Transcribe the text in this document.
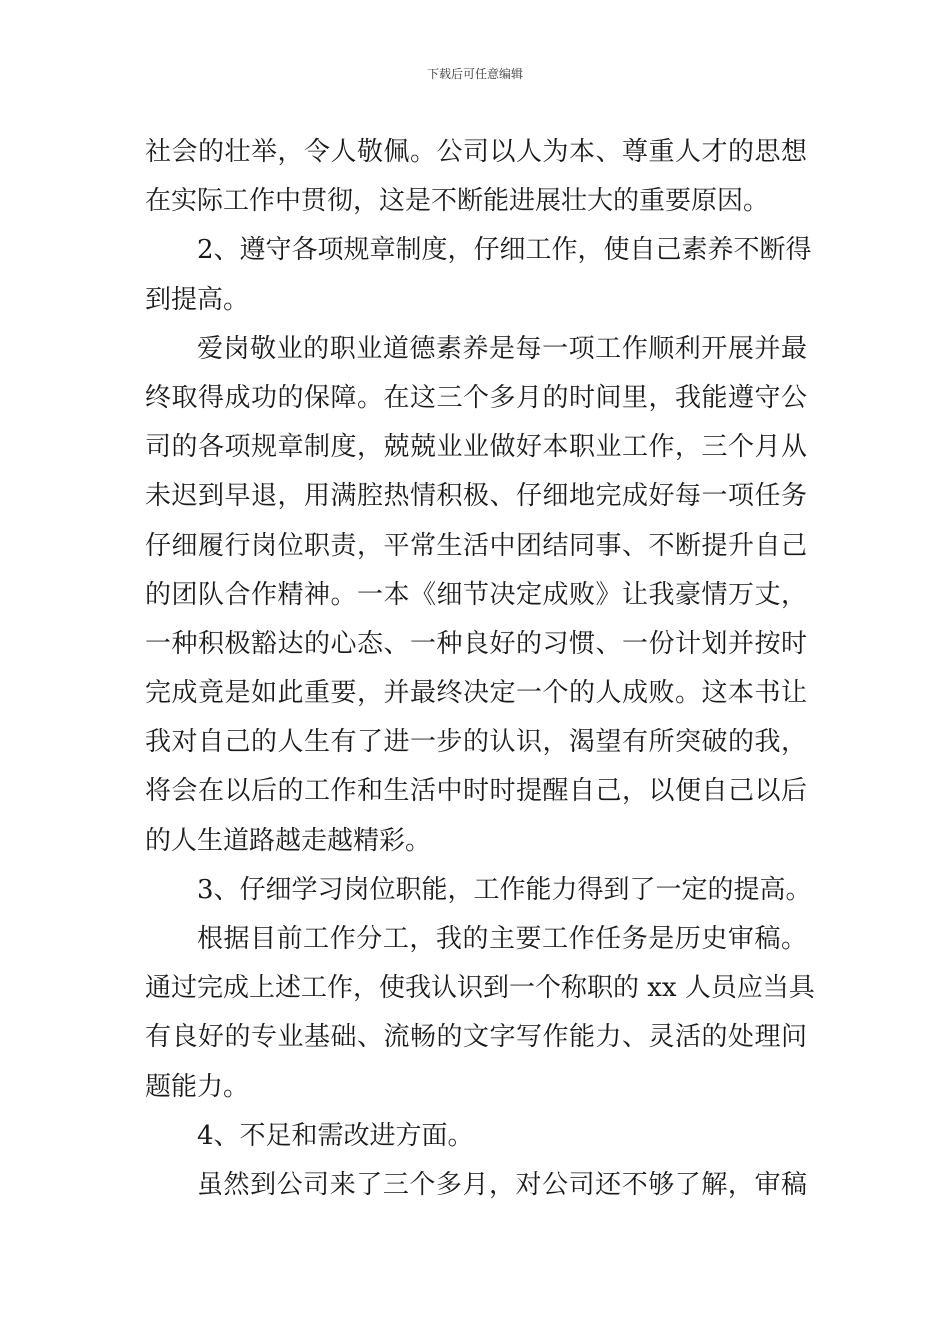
下载后可任意编辑
社会的壮举，令人敬佩。公司以人为本、尊重人才的思想
在实际工作中贯彻，这是不断能进展壮大的重要原因。
2、遵守各项规章制度，仔细工作，使自己素养不断得
到提高。
爱岗敬业的职业道德素养是每一项工作顺利开展并最
终取得成功的保障。在这三个多月的时间里，我能遵守公
司的各项规章制度，兢兢业业做好本职业工作，三个月从
未迟到早退，用满腔热情积极、仔细地完成好每一项任务
仔细履行岗位职责，平常生活中团结同事、不断提升自己
的团队合作精神。一本《细节决定成败》让我豪情万丈，
一种积极豁达的心态、一种良好的习惯、一份计划并按时
完成竟是如此重要，并最终决定一个的人成败。这本书让
我对自己的人生有了进一步的认识，渴望有所突破的我，
将会在以后的工作和生活中时时提醒自己，以便自己以后
的人生道路越走越精彩。
3、仔细学习岗位职能，工作能力得到了一定的提高。
根据目前工作分工，我的主要工作任务是历史审稿。
通过完成上述工作，使我认识到一个称职的 xx 人员应当具
有良好的专业基础、流畅的文字写作能力、灵活的处理问
题能力。
4、不足和需改进方面。
虽然到公司来了三个多月，对公司还不够了解，审稿
